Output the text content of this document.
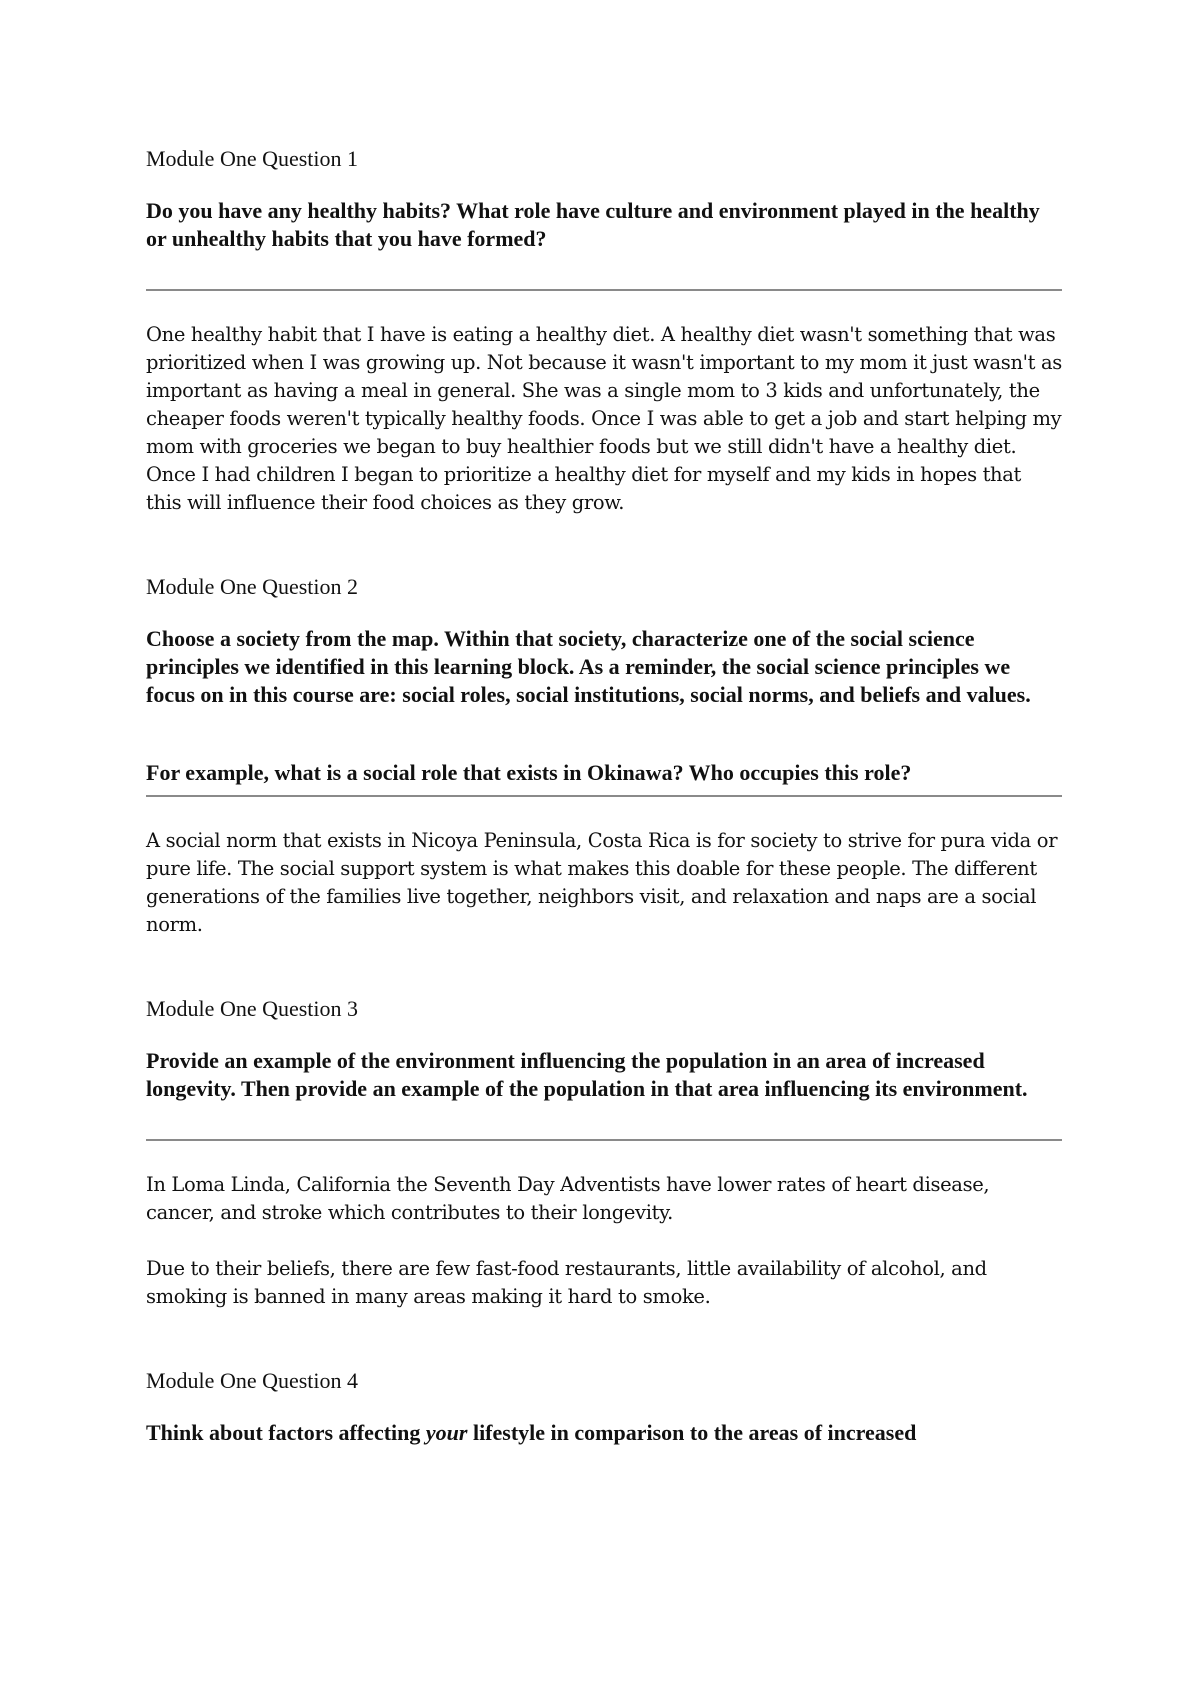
Module One Question 1

Do you have any healthy habits? What role have culture and environment played in the healthy or unhealthy habits that you have formed?

One healthy habit that I have is eating a healthy diet. A healthy diet wasn't something that was prioritized when I was growing up. Not because it wasn't important to my mom it just wasn't as important as having a meal in general. She was a single mom to 3 kids and unfortunately, the cheaper foods weren't typically healthy foods. Once I was able to get a job and start helping my mom with groceries we began to buy healthier foods but we still didn't have a healthy diet. Once I had children I began to prioritize a healthy diet for myself and my kids in hopes that this will influence their food choices as they grow.

Module One Question 2

Choose a society from the map. Within that society, characterize one of the social science principles we identified in this learning block. As a reminder, the social science principles we focus on in this course are: social roles, social institutions, social norms, and beliefs and values.

For example, what is a social role that exists in Okinawa? Who occupies this role?

A social norm that exists in Nicoya Peninsula, Costa Rica is for society to strive for pura vida or pure life. The social support system is what makes this doable for these people. The different generations of the families live together, neighbors visit, and relaxation and naps are a social norm.

Module One Question 3

Provide an example of the environment influencing the population in an area of increased longevity. Then provide an example of the population in that area influencing its environment.

In Loma Linda, California the Seventh Day Adventists have lower rates of heart disease, cancer, and stroke which contributes to their longevity.

Due to their beliefs, there are few fast-food restaurants, little availability of alcohol, and smoking is banned in many areas making it hard to smoke.

Module One Question 4

Think about factors affecting your lifestyle in comparison to the areas of increased
